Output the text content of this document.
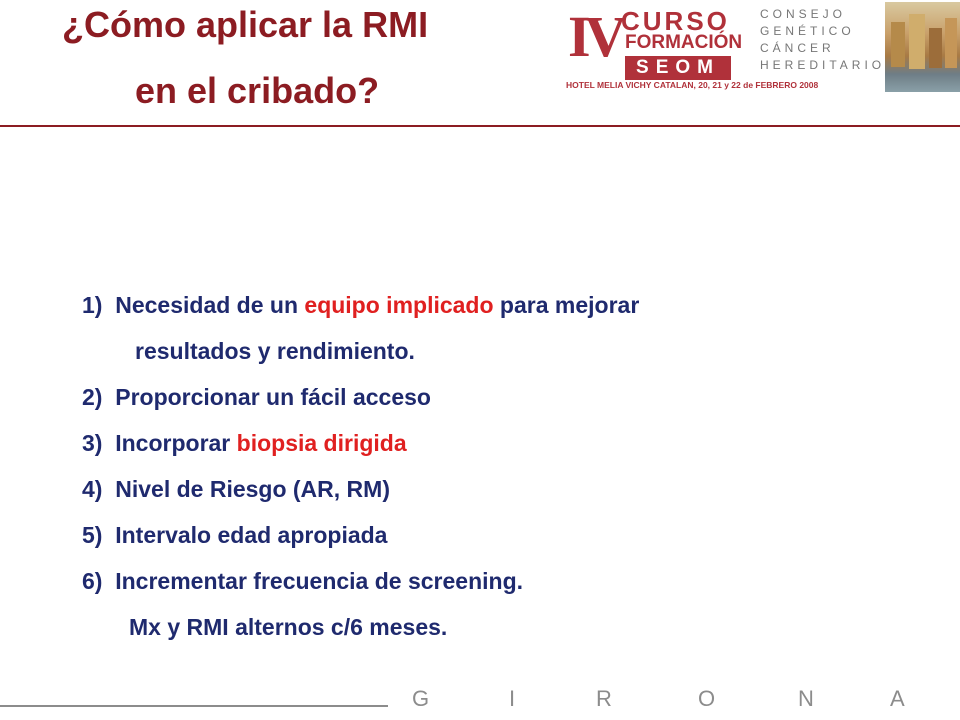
¿Cómo aplicar la RMI
en el cribado?
IV CURSO
FORMACIÓN
SEOM
HOTEL MELIA VICHY CATALAN, 20, 21 y 22 de FEBRERO 2008
CONSEJO
GENÉTICO
CÁNCER
HEREDITARIO
1) Necesidad de un equipo implicado para mejorar
resultados y rendimiento.
2) Proporcionar un fácil acceso
3) Incorporar biopsia dirigida
4) Nivel de Riesgo (AR, RM)
5) Intervalo edad apropiada
6) Incrementar frecuencia de screening.
Mx y RMI alternos c/6 meses.
G	I	R	O	N	A
